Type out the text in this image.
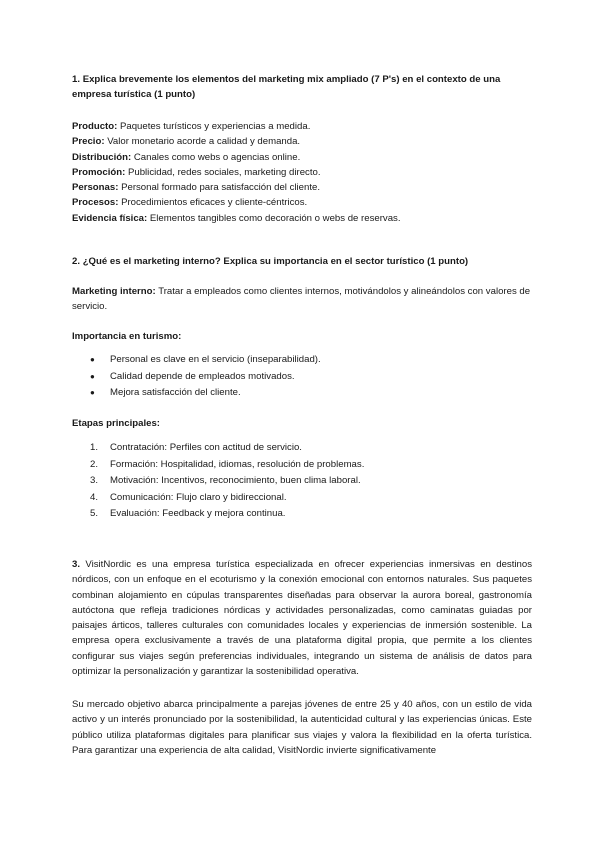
1. Explica brevemente los elementos del marketing mix ampliado (7 P's) en el contexto de una empresa turística (1 punto)
Producto: Paquetes turísticos y experiencias a medida.
Precio: Valor monetario acorde a calidad y demanda.
Distribución: Canales como webs o agencias online.
Promoción: Publicidad, redes sociales, marketing directo.
Personas: Personal formado para satisfacción del cliente.
Procesos: Procedimientos eficaces y cliente-céntricos.
Evidencia física: Elementos tangibles como decoración o webs de reservas.
2. ¿Qué es el marketing interno? Explica su importancia en el sector turístico (1 punto)
Marketing interno: Tratar a empleados como clientes internos, motivándolos y alineándolos con valores de servicio.
Importancia en turismo:
● Personal es clave en el servicio (inseparabilidad).
● Calidad depende de empleados motivados.
● Mejora satisfacción del cliente.
Etapas principales:
1. Contratación: Perfiles con actitud de servicio.
2. Formación: Hospitalidad, idiomas, resolución de problemas.
3. Motivación: Incentivos, reconocimiento, buen clima laboral.
4. Comunicación: Flujo claro y bidireccional.
5. Evaluación: Feedback y mejora continua.
3. VisitNordic es una empresa turística especializada en ofrecer experiencias inmersivas en destinos nórdicos, con un enfoque en el ecoturismo y la conexión emocional con entornos naturales. Sus paquetes combinan alojamiento en cúpulas transparentes diseñadas para observar la aurora boreal, gastronomía autóctona que refleja tradiciones nórdicas y actividades personalizadas, como caminatas guiadas por paisajes árticos, talleres culturales con comunidades locales y experiencias de inmersión sostenible. La empresa opera exclusivamente a través de una plataforma digital propia, que permite a los clientes configurar sus viajes según preferencias individuales, integrando un sistema de análisis de datos para optimizar la personalización y garantizar la sostenibilidad operativa.
Su mercado objetivo abarca principalmente a parejas jóvenes de entre 25 y 40 años, con un estilo de vida activo y un interés pronunciado por la sostenibilidad, la autenticidad cultural y las experiencias únicas. Este público utiliza plataformas digitales para planificar sus viajes y valora la flexibilidad en la oferta turística. Para garantizar una experiencia de alta calidad, VisitNordic invierte significativamente
